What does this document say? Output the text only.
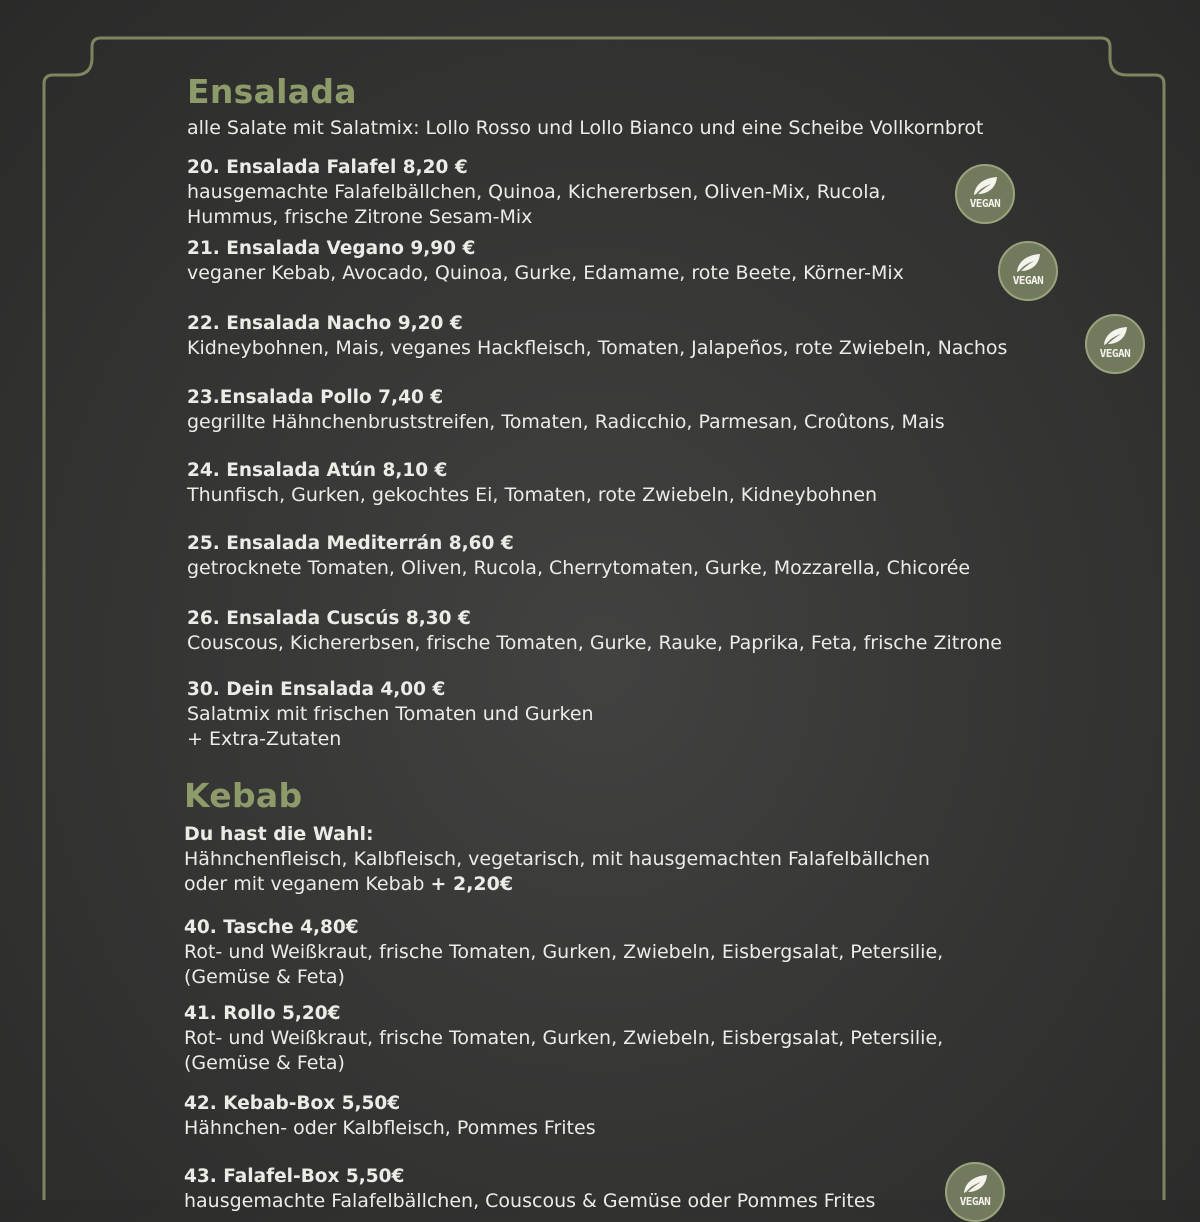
Ensalada
alle Salate mit Salatmix: Lollo Rosso und Lollo Bianco und eine Scheibe Vollkornbrot
20. Ensalada Falafel 8,20 €
hausgemachte Falafelbällchen, Quinoa, Kichererbsen, Oliven-Mix, Rucola,
Hummus, frische Zitrone Sesam-Mix
21. Ensalada Vegano 9,90 €
veganer Kebab, Avocado, Quinoa, Gurke, Edamame, rote Beete, Körner-Mix
22. Ensalada Nacho 9,20 €
Kidneybohnen, Mais, veganes Hackfleisch, Tomaten, Jalapeños, rote Zwiebeln, Nachos
23.Ensalada Pollo 7,40 €
gegrillte Hähnchenbruststreifen, Tomaten, Radicchio, Parmesan, Croûtons, Mais
24. Ensalada Atún 8,10 €
Thunfisch, Gurken, gekochtes Ei, Tomaten, rote Zwiebeln, Kidneybohnen
25. Ensalada Mediterrán 8,60 €
getrocknete Tomaten, Oliven, Rucola, Cherrytomaten, Gurke, Mozzarella, Chicorée
26. Ensalada Cuscús 8,30 €
Couscous, Kichererbsen, frische Tomaten, Gurke, Rauke, Paprika, Feta, frische Zitrone
30. Dein Ensalada 4,00 €
Salatmix mit frischen Tomaten und Gurken
+ Extra-Zutaten
Kebab
Du hast die Wahl:
Hähnchenfleisch, Kalbfleisch, vegetarisch, mit hausgemachten Falafelbällchen
oder mit veganem Kebab + 2,20€
40. Tasche 4,80€
Rot- und Weißkraut, frische Tomaten, Gurken, Zwiebeln, Eisbergsalat, Petersilie,
(Gemüse & Feta)
41. Rollo 5,20€
Rot- und Weißkraut, frische Tomaten, Gurken, Zwiebeln, Eisbergsalat, Petersilie,
(Gemüse & Feta)
42. Kebab-Box 5,50€
Hähnchen- oder Kalbfleisch, Pommes Frites
43. Falafel-Box 5,50€
hausgemachte Falafelbällchen, Couscous & Gemüse oder Pommes Frites
VEGAN
VEGAN
VEGAN
VEGAN
